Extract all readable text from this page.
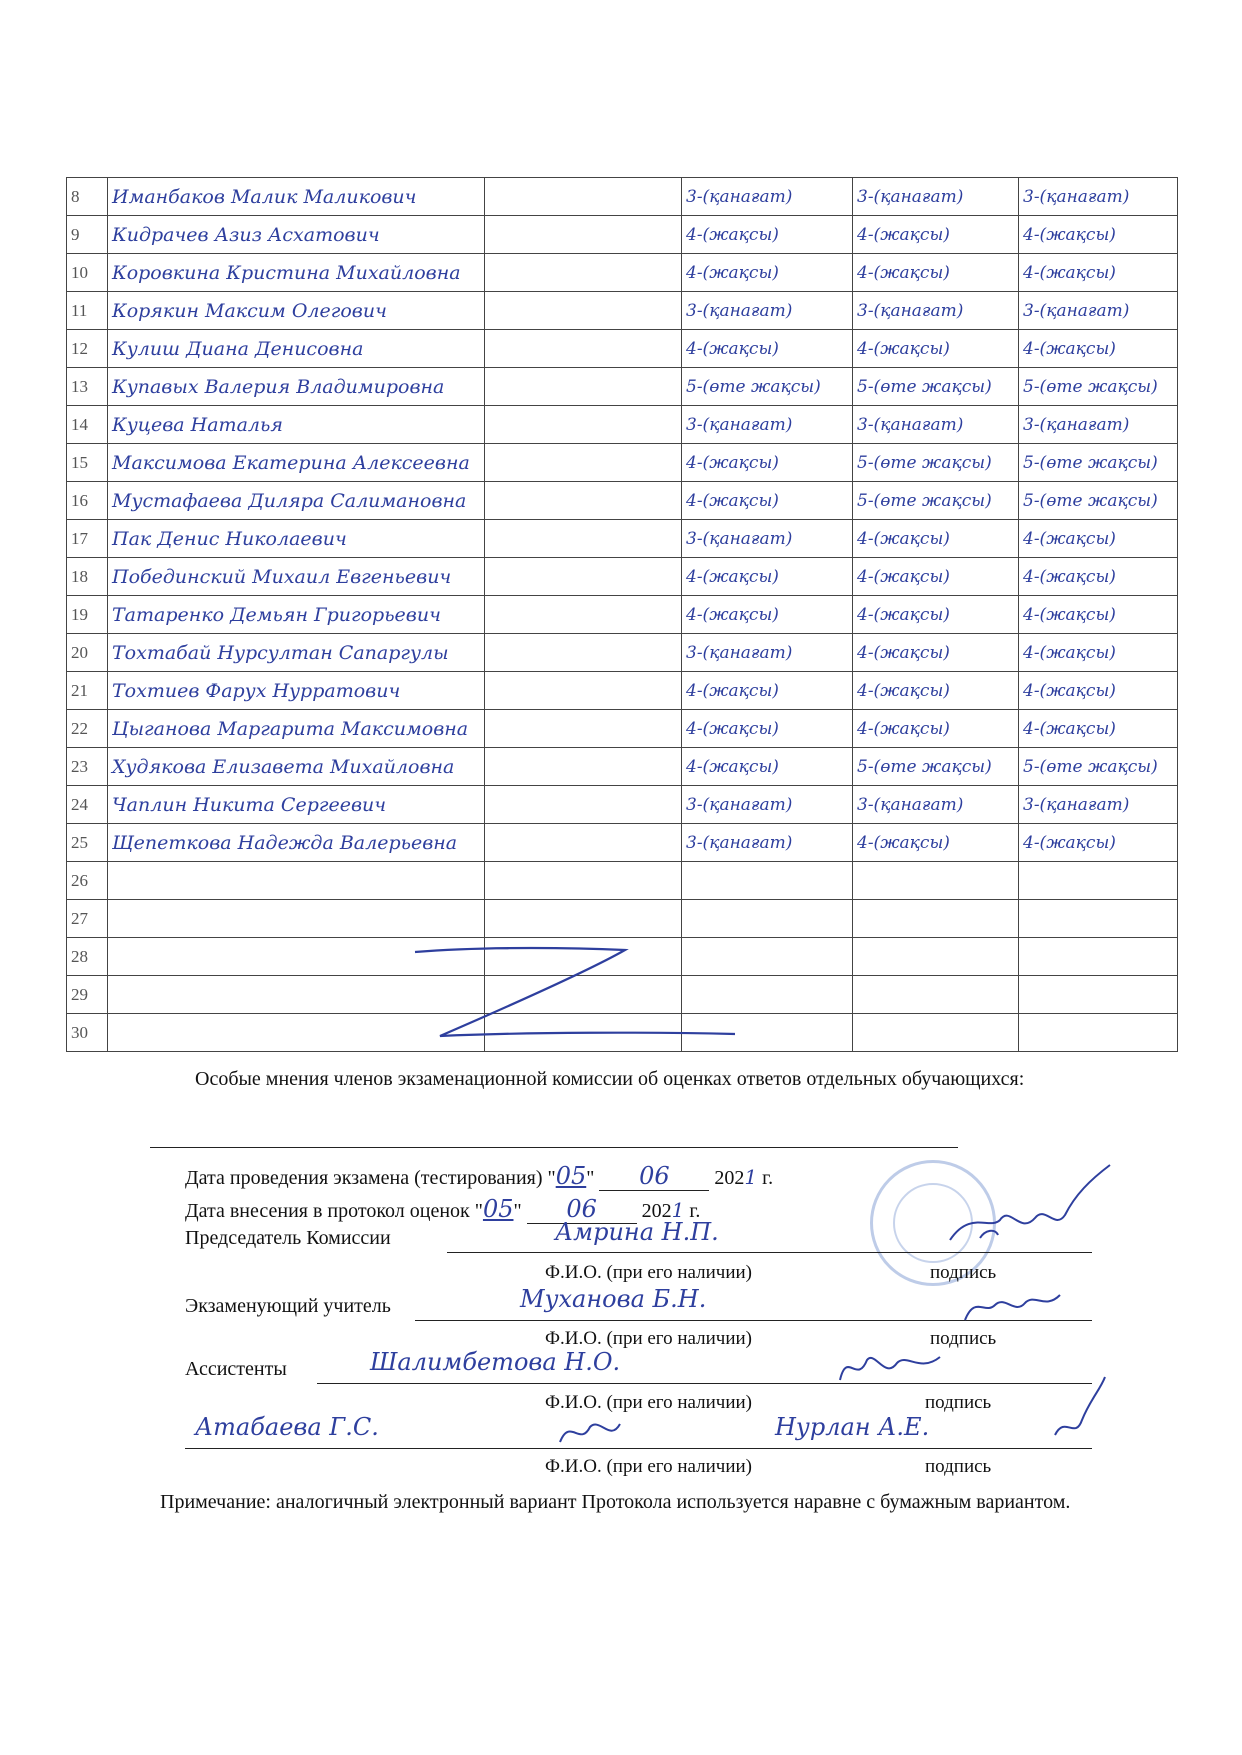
8	Иманбаков Малик Маликович		3-(қанағат)	3-(қанағат)	3-(қанағат)
9	Кидрачев Азиз Асхатович		4-(жақсы)	4-(жақсы)	4-(жақсы)
10	Коровкина Кристина Михайловна		4-(жақсы)	4-(жақсы)	4-(жақсы)
11	Корякин Максим Олегович		3-(қанағат)	3-(қанағат)	3-(қанағат)
12	Кулиш Диана Денисовна		4-(жақсы)	4-(жақсы)	4-(жақсы)
13	Купавых Валерия Владимировна		5-(өте жақсы)	5-(өте жақсы)	5-(өте жақсы)
14	Куцева Наталья		3-(қанағат)	3-(қанағат)	3-(қанағат)
15	Максимова Екатерина Алексеевна		4-(жақсы)	5-(өте жақсы)	5-(өте жақсы)
16	Мустафаева Диляра Салимановна		4-(жақсы)	5-(өте жақсы)	5-(өте жақсы)
17	Пак Денис Николаевич		3-(қанағат)	4-(жақсы)	4-(жақсы)
18	Побединский Михаил Евгеньевич		4-(жақсы)	4-(жақсы)	4-(жақсы)
19	Татаренко Демьян Григорьевич		4-(жақсы)	4-(жақсы)	4-(жақсы)
20	Тохтабай Нурсултан Сапаргулы		3-(қанағат)	4-(жақсы)	4-(жақсы)
21	Тохтиев Фарух Нурратович		4-(жақсы)	4-(жақсы)	4-(жақсы)
22	Цыганова Маргарита Максимовна		4-(жақсы)	4-(жақсы)	4-(жақсы)
23	Худякова Елизавета Михайловна		4-(жақсы)	5-(өте жақсы)	5-(өте жақсы)
24	Чаплин Никита Сергеевич		3-(қанағат)	3-(қанағат)	3-(қанағат)
25	Щепеткова Надежда Валерьевна		3-(қанағат)	4-(жақсы)	4-(жақсы)
26					
27					
28					
29					
30					
Особые мнения членов экзаменационной комиссии об оценках ответов отдельных обучающихся:
Дата проведения экзамена (тестирования) "05" 06 2021 г.
Дата внесения в протокол оценок "05" 06 2021 г.
Председатель Комиссии	Амрина Н.П.
Ф.И.О. (при его наличии)	подпись
Экзаменующий учитель	Муханова Б.Н.
Ф.И.О. (при его наличии)	подпись
Ассистенты	Шалимбетова Н.О.
Ф.И.О. (при его наличии)	подпись
Атабаева Г.С.	Нурлан А.Е.
Ф.И.О. (при его наличии)	подпись
Примечание: аналогичный электронный вариант Протокола используется наравне с бумажным вариантом.
